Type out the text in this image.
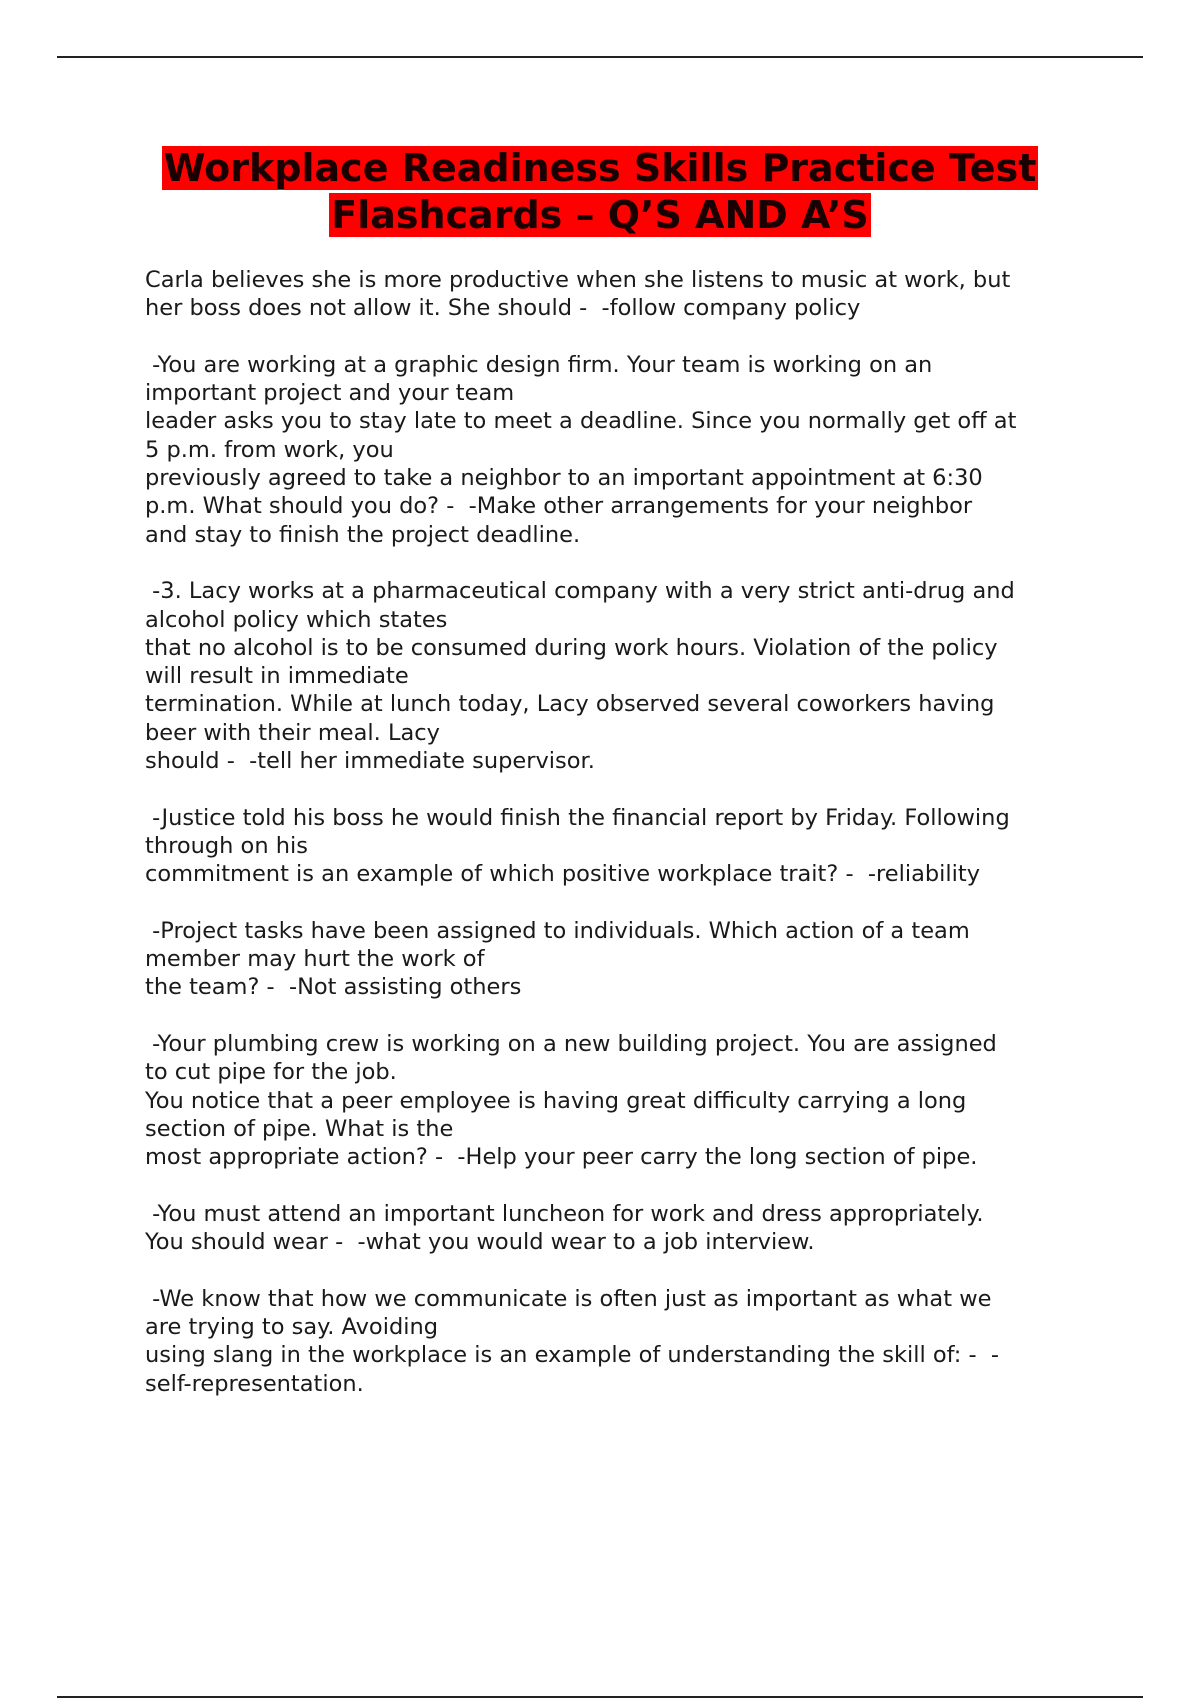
Workplace Readiness Skills Practice Test
Flashcards – Q’S AND A’S
Carla believes she is more productive when she listens to music at work, but
her boss does not allow it. She should -  -follow company policy
-You are working at a graphic design firm. Your team is working on an
important project and your team
leader asks you to stay late to meet a deadline. Since you normally get off at
5 p.m. from work, you
previously agreed to take a neighbor to an important appointment at 6:30
p.m. What should you do? -  -Make other arrangements for your neighbor
and stay to finish the project deadline.
-3. Lacy works at a pharmaceutical company with a very strict anti-drug and
alcohol policy which states
that no alcohol is to be consumed during work hours. Violation of the policy
will result in immediate
termination. While at lunch today, Lacy observed several coworkers having
beer with their meal. Lacy
should -  -tell her immediate supervisor.
-Justice told his boss he would finish the financial report by Friday. Following
through on his
commitment is an example of which positive workplace trait? -  -reliability
-Project tasks have been assigned to individuals. Which action of a team
member may hurt the work of
the team? -  -Not assisting others
-Your plumbing crew is working on a new building project. You are assigned
to cut pipe for the job.
You notice that a peer employee is having great difficulty carrying a long
section of pipe. What is the
most appropriate action? -  -Help your peer carry the long section of pipe.
-You must attend an important luncheon for work and dress appropriately.
You should wear -  -what you would wear to a job interview.
-We know that how we communicate is often just as important as what we
are trying to say. Avoiding
using slang in the workplace is an example of understanding the skill of: -  -
self-representation.
